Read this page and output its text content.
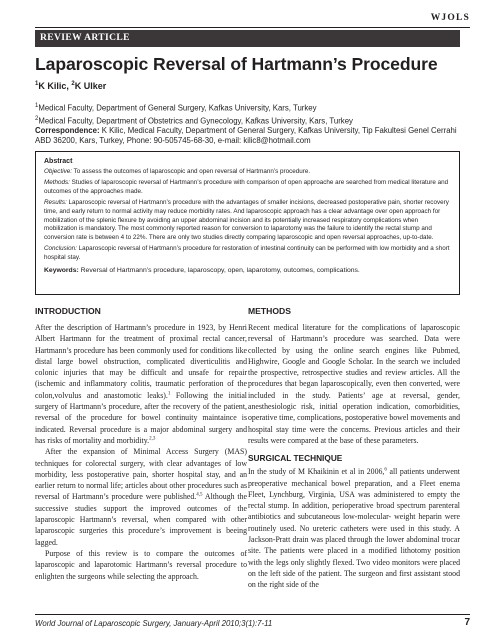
WJOLS
REVIEW ARTICLE
Laparoscopic Reversal of Hartmann’s Procedure
$^1$K Kilic, $^2$K Ulker
$^1$Medical Faculty, Department of General Surgery, Kafkas University, Kars, Turkey
$^2$Medical Faculty, Department of Obstetrics and Gynecology, Kafkas University, Kars, Turkey
Correspondence: K Kilic, Medical Faculty, Department of General Surgery, Kafkas University, Tip Fakultesi Genel Cerrahi ABD 36200, Kars, Turkey, Phone: 90-505745-68-30, e-mail: kilic8@hotmail.com
Abstract

Objective: To assess the outcomes of laparoscopic and open reversal of Hartmann’s procedure.

Methods: Studies of laparoscopic reversal of Hartmann’s procedure with comparison of open approache are searched from medical literature and outcomes of the approaches made.

Results: Laparoscopic reversal of Hartmann’s procedure with the advantages of smaller incisions, decreased postoperative pain, shorter recovery time, and early return to normal activity may reduce morbidity rates. And laparoscopic approach has a clear advantage over open approach for mobilization of the splenic flexure by avoiding an upper abdominal incision and its potentially increased respiratory complications when mobilization is mandatory. The most commonly reported reason for conversion to laparotomy was the failure to identify the rectal stump and conversion rate is between 4 to 22%. There are only two studies directly comparing laparoscopic and open reversal approaches, up-to-date.

Conclusion: Laparoscopic reversal of Hartmann’s procedure for restoration of intestinal continuity can be performed with low morbidity and a short hospital stay.

Keywords: Reversal of Hartmann’s procedure, laparoscopy, open, laparotomy, outcomes, complications.

INTRODUCTION

After the description of Hartmann’s procedure in 1923, by Henri Albert Hartmann for the treatment of proximal rectal cancer, Hartmann’s procedure has been commonly used for conditions like distal large bowel obstruction, complicated diverticulitis and colonic injuries that may be difficult and unsafe for repair (ischemic and inflammatory colitis, traumatic perforation of the colon,volvulus and anastomotic leaks).$^1$ Following the initial surgery of Hartmann’s procedure, after the recovery of the patient, reversal of the procedure for bowel continuity maintaince is indicated. Reversal procedure is a major abdominal surgery and has risks of mortality and morbidity.$^{2,3}$

After the expansion of Minimal Access Surgery (MAS) techniques for colorectal surgery, with clear advantages of low morbidity, less postoperative pain, shorter hospital stay, and an earlier return to normal life; articles about other procedures such as reversal of Hartmann’s procedure were published.$^{4,5}$ Although the successive studies support the improved outcomes of the laparoscopic Hartmann’s reversal, when compared with other laparoscopic surgeries this procedure’s improvement is beeing lagged.

Purpose of this review is to compare the outcomes of laparoscopic and laparotomic Hartmann’s reversal procedure to enlighten the surgeons while selecting the approach.

METHODS

Recent medical literature for the complications of laparoscopic reversal of Hartmann’s procedure was searched. Data were collected by using the online search engines like Pubmed, Highwire, Google and Google Scholar. In the search we included the prospective, retrospective studies and review articles. All the procedures that began laparoscopically, even then converted, were included in the study. Patients’ age at reversal, gender, anesthesiologic risk, initial operation indication, comorbidities, operative time, complications, postoperative bowel movements and hospital stay time were the concerns. Previous articles and their results were compared at the base of these parameters.

SURGICAL TECHNIQUE

In the study of M Khaikinin et al in 2006,$^6$ all patients underwent preoperative mechanical bowel preparation, and a Fleet enema Fleet, Lynchburg, Virginia, USA was administered to empty the rectal stump. In addition, perioperative broad spectrum parenteral antibiotics and subcutaneous low-molecular- weight heparin were routinely used. No ureteric catheters were used in this study. A Jackson-Pratt drain was placed through the lower abdominal trocar site. The patients were placed in a modified lithotomy position with the legs only slightly flexed. Two video monitors were placed on the left side of the patient. The surgeon and first assistant stood on the right side of the

World Journal of Laparoscopic Surgery, January-April 2010;3(1):7-11	7
